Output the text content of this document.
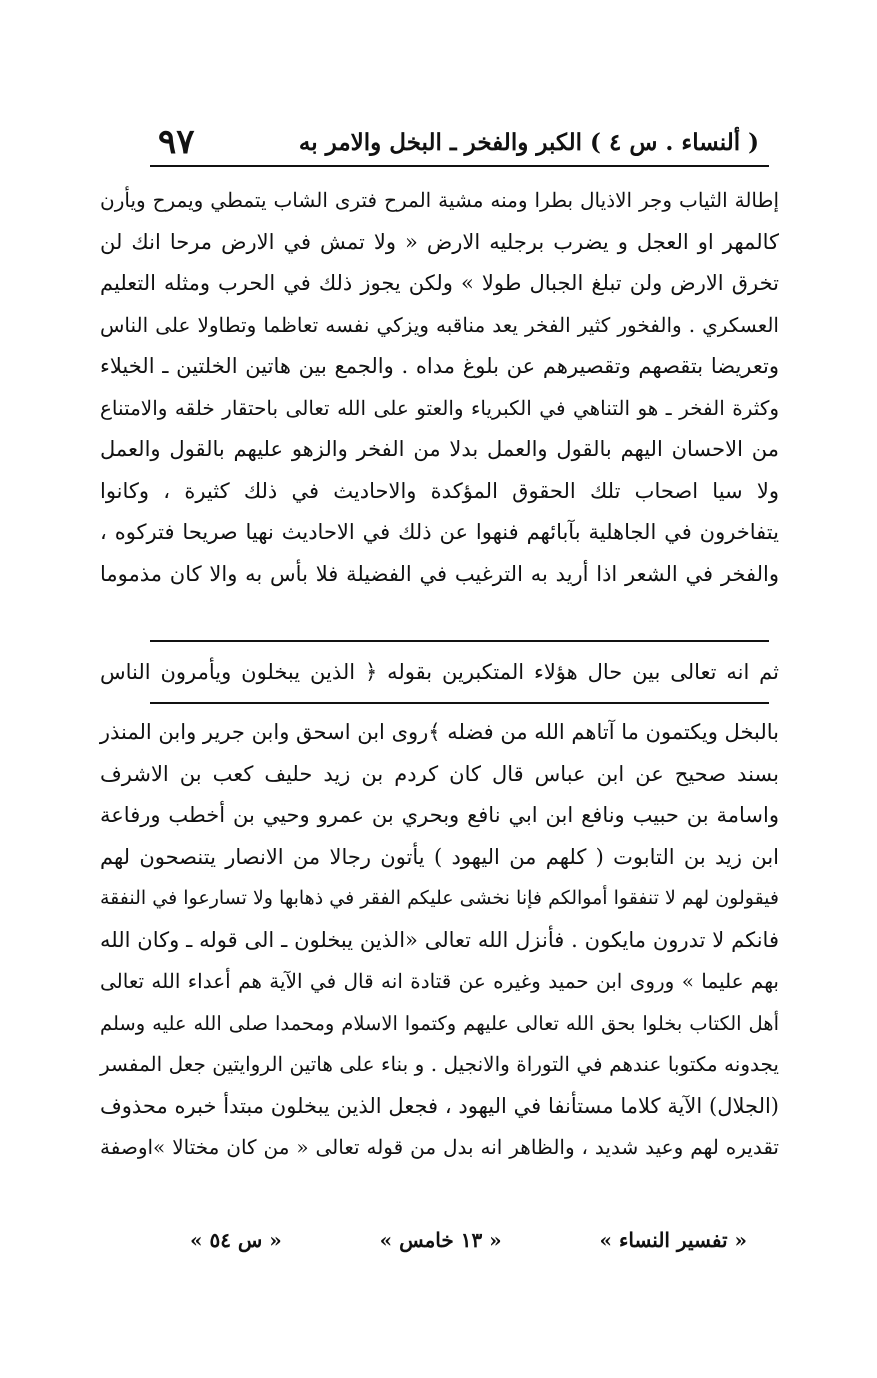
٩٧	( ألنساء . س ٤ ) الكبر والفخر ـ البخل والامر به
إطالة الثياب وجر الاذيال بطرا ومنه مشية المرح فترى الشاب يتمطي ويمرح ويأرن
كالمهر او العجل و يضرب برجليه الارض « ولا تمش في الارض مرحا انك لن
تخرق الارض ولن تبلغ الجبال طولا » ولكن يجوز ذلك في الحرب ومثله التعليم
العسكري . والفخور كثير الفخر يعد مناقبه ويزكي نفسه تعاظما وتطاولا على الناس
وتعريضا بتقصهم وتقصيرهم عن بلوغ مداه . والجمع بين هاتين الخلتين ـ الخيلاء
وكثرة الفخر ـ هو التناهي في الكبرياء والعتو على الله تعالى باحتقار خلقه والامتناع
من الاحسان اليهم بالقول والعمل بدلا من الفخر والزهو عليهم بالقول والعمل
ولا سيا اصحاب تلك الحقوق المؤكدة والاحاديث في ذلك كثيرة ، وكانوا
يتفاخرون في الجاهلية بآبائهم فنهوا عن ذلك في الاحاديث نهيا صريحا فتركوه ،
والفخر في الشعر اذا أريد به الترغيب في الفضيلة فلا بأس به والا كان مذموما
ثم انه تعالى بين حال هؤلاء المتكبرين بقوله ﴿ الذين يبخلون ويأمرون الناس
بالبخل ويكتمون ما آتاهم الله من فضله ﴾روى ابن اسحق وابن جرير وابن المنذر
بسند صحيح عن ابن عباس قال كان كردم بن زيد حليف كعب بن الاشرف
واسامة بن حبيب ونافع ابن ابي نافع وبحري بن عمرو وحيي بن أخطب ورفاعة
ابن زيد بن التابوت ( كلهم من اليهود ) يأتون رجالا من الانصار يتنصحون لهم
فيقولون لهم لا تنفقوا أموالكم فإنا نخشى عليكم الفقر في ذهابها ولا تسارعوا في النفقة
فانكم لا تدرون مايكون . فأنزل الله تعالى «الذين يبخلون ـ الى قوله ـ وكان الله
بهم عليما » وروى ابن حميد وغيره عن قتادة انه قال في الآية هم أعداء الله تعالى
أهل الكتاب بخلوا بحق الله تعالى عليهم وكتموا الاسلام ومحمدا صلى الله عليه وسلم
يجدونه مكتوبا عندهم في التوراة والانجيل . و بناء على هاتين الروايتين جعل المفسر
(الجلال) الآية كلاما مستأنفا في اليهود ، فجعل الذين يبخلون مبتدأ خبره محذوف
تقديره لهم وعيد شديد ، والظاهر انه بدل من قوله تعالى « من كان مختالا »اوصفة
« تفسير النساء »
« ١٣ خامس »
« س ٥٤ »
